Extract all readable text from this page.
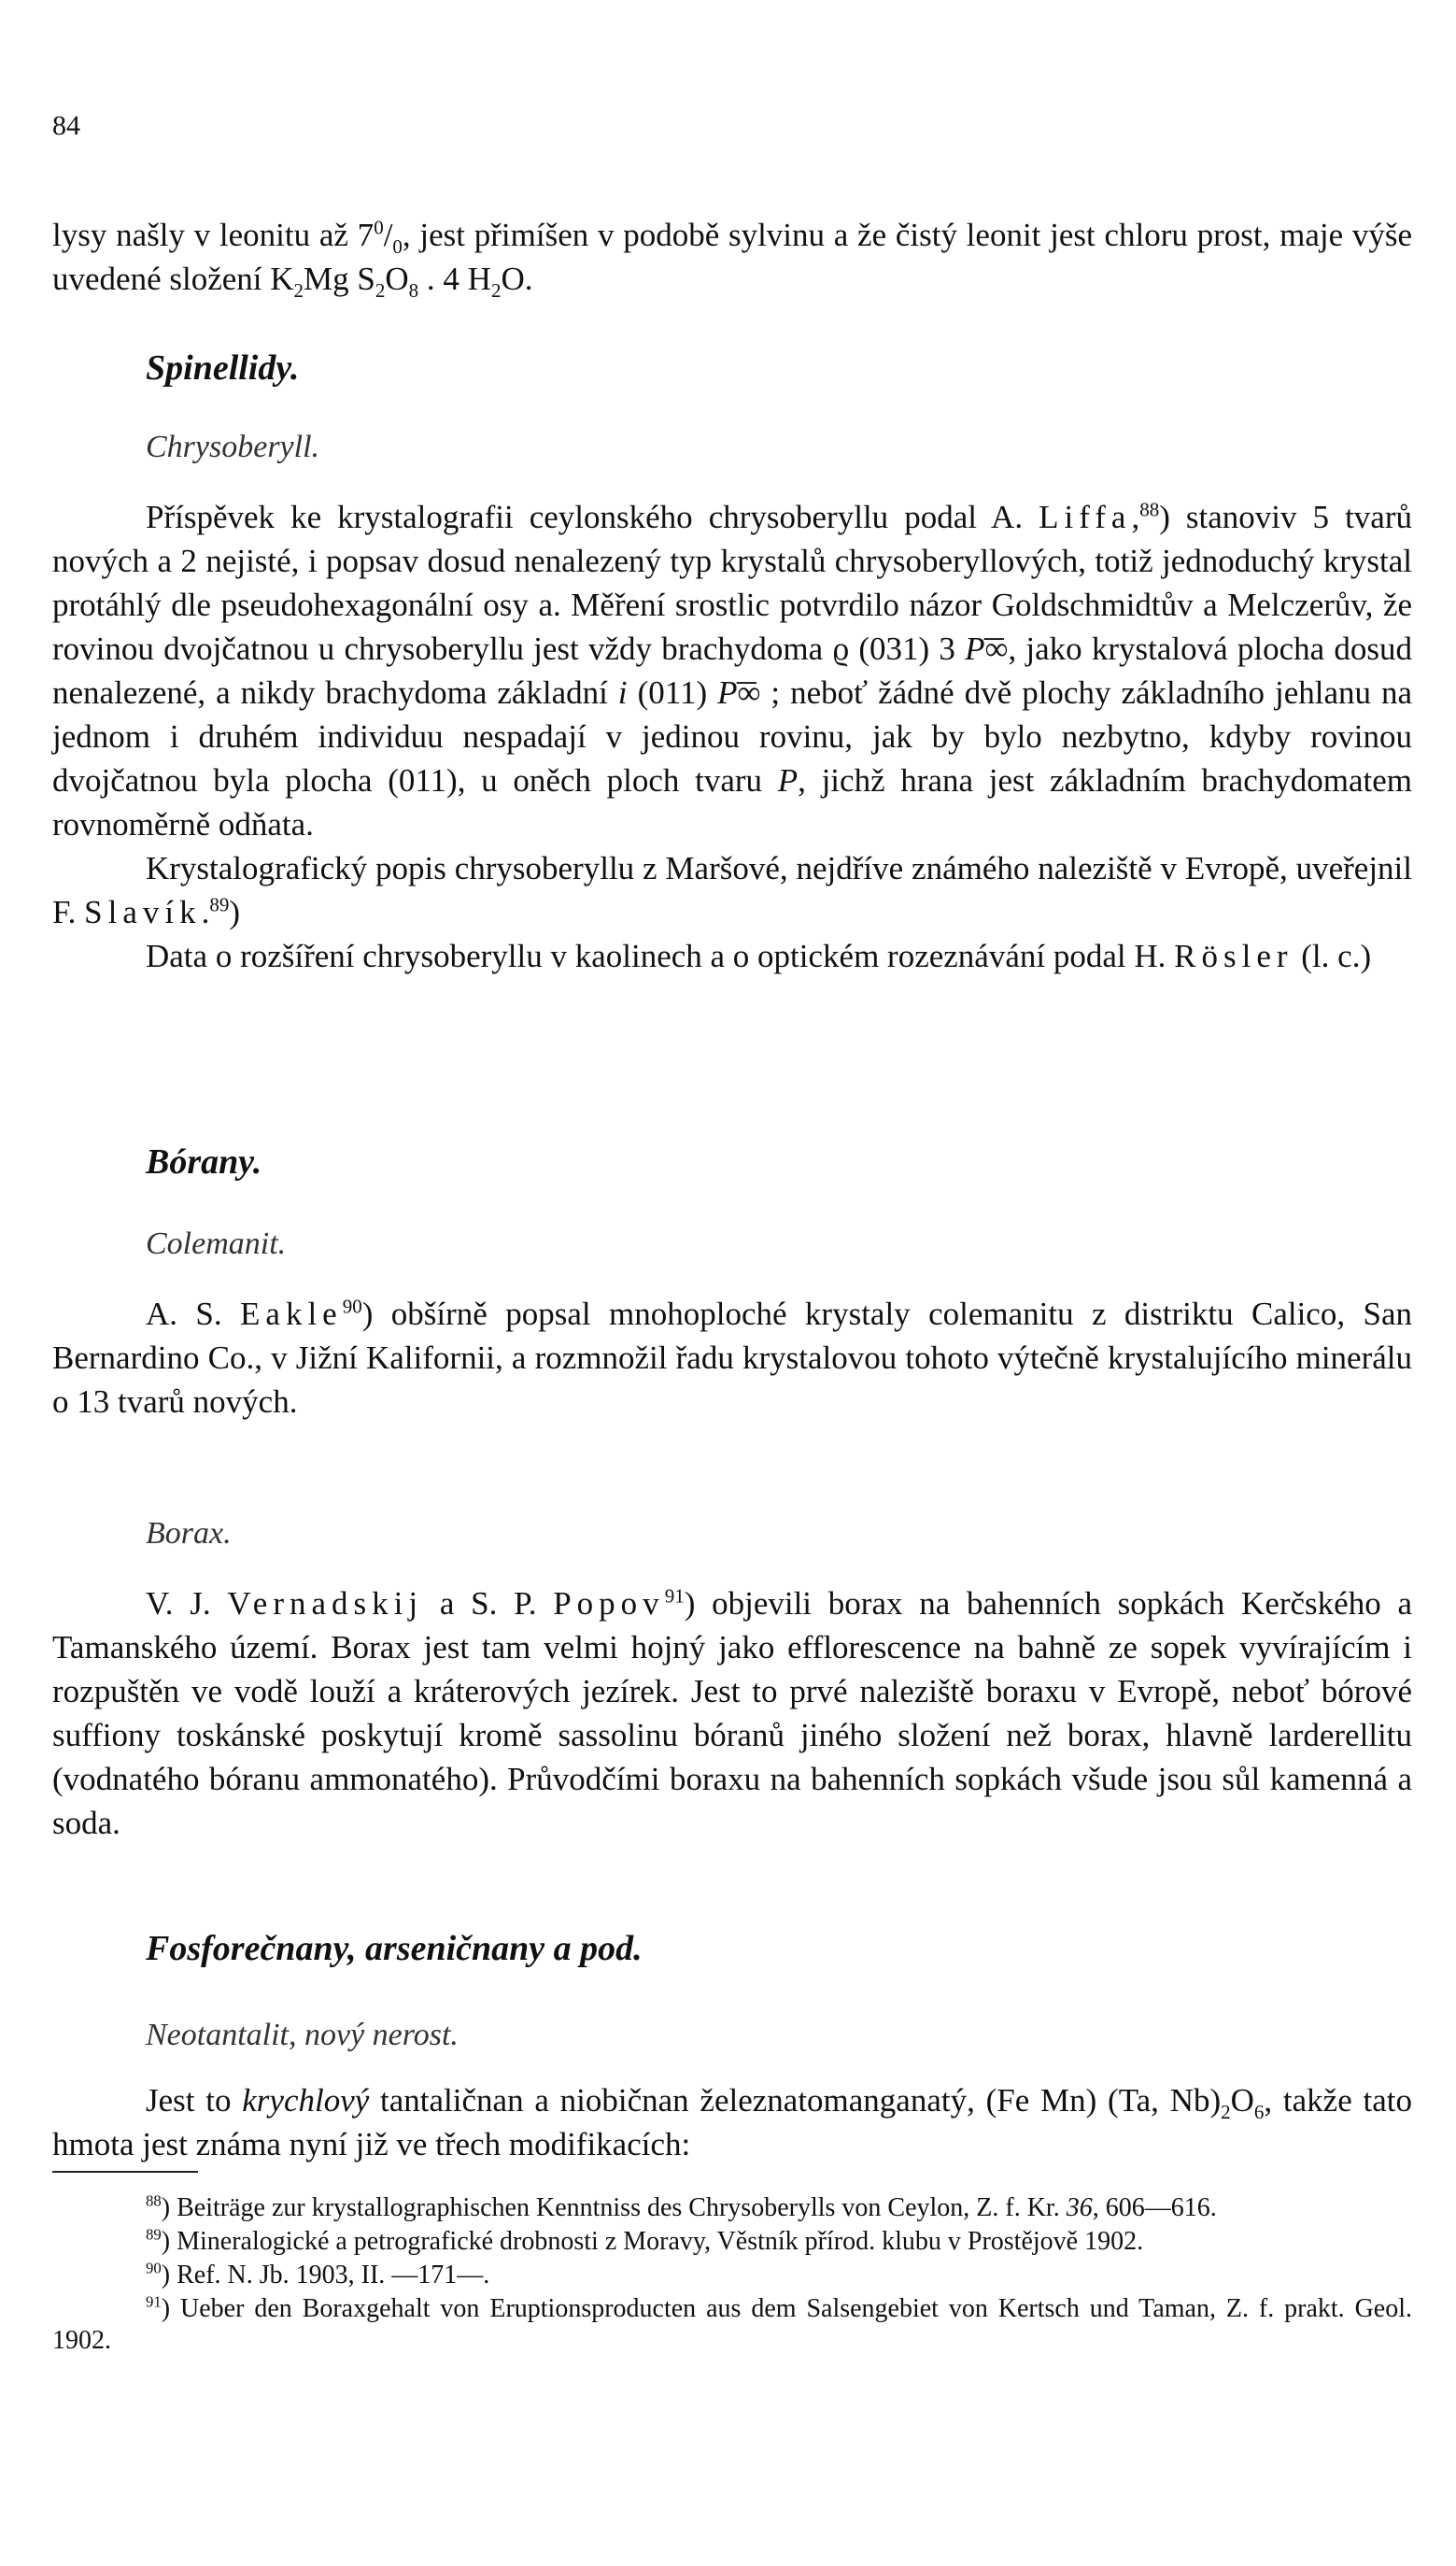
84

lysy našly v leonitu až $7^0/_0$, jest přimíšen v podobě sylvinu a že čistý leonit jest chloru prost, maje výše uvedené složení $K_2Mg$ $S_2O_8$ . 4 $H_2O$.

Spinellidy.
Chrysoberyll.

Příspěvek ke krystalografii ceylonského chrysoberyllu podal A. Liffa,$^{88}$) stanoviv 5 tvarů nových a 2 nejisté, i popsav dosud nenalezený typ krystalů chrysoberyllových, totiž jednoduchý krystal protáhlý dle pseudohexagonální osy a. Měření srostlic potvrdilo názor Goldschmidtův a Melczerův, že rovinou dvojčatnou u chrysoberyllu jest vždy brachydoma ϱ (031) 3 P͞∞, jako krystalová plocha dosud nenalezené, a nikdy brachydoma základní i (011) P͞∞ ; neboť žádné dvě plochy základního jehlanu na jednom i druhém individuu nespadají v jedinou rovinu, jak by bylo nezbytno, kdyby rovinou dvojčatnou byla plocha (011), u oněch ploch tvaru P, jichž hrana jest základním brachydomatem rovnoměrně odňata.

Krystalografický popis chrysoberyllu z Maršové, nejdříve známého naleziště v Evropě, uveřejnil F. Slavík.$^{89}$)

Data o rozšíření chrysoberyllu v kaolinech a o optickém rozeznávání podal H. Rösler (l. c.)

Bórany.
Colemanit.

A. S. Eakle$^{90}$) obšírně popsal mnohoploché krystaly colemanitu z distriktu Calico, San Bernardino Co., v Jižní Kalifornii, a rozmnožil řadu krystalovou tohoto výtečně krystalujícího minerálu o 13 tvarů nových.

Borax.

V. J. Vernadskij a S. P. Popov$^{91}$) objevili borax na bahenních sopkách Kerčského a Tamanského území. Borax jest tam velmi hojný jako efflorescence na bahně ze sopek vyvírajícím i rozpuštěn ve vodě louží a kráterových jezírek. Jest to prvé naleziště boraxu v Evropě, neboť bórové suffiony toskánské poskytují kromě sassolinu bóranů jiného složení než borax, hlavně larderellitu (vodnatého bóranu ammonatého). Průvodčími boraxu na bahenních sopkách všude jsou sůl kamenná a soda.

Fosforečnany, arseničnany a pod.
Neotantalit, nový nerost.

Jest to krychlový tantaličnan a niobičnan železnatomanganatý, (Fe Mn) (Ta, $Nb)_2O_6$, takže tato hmota jest známa nyní již ve třech modifikacích:

$^{88}$) Beiträge zur krystallographischen Kenntniss des Chrysoberylls von Ceylon, Z. f. Kr. 36, 606—616.

$^{89}$) Mineralogické a petrografické drobnosti z Moravy, Věstník přírod. klubu v Prostějově 1902.

$^{90}$) Ref. N. Jb. 1903, II. —171—.

$^{91}$) Ueber den Boraxgehalt von Eruptionsproducten aus dem Salsengebiet von Kertsch und Taman, Z. f. prakt. Geol. 1902.
